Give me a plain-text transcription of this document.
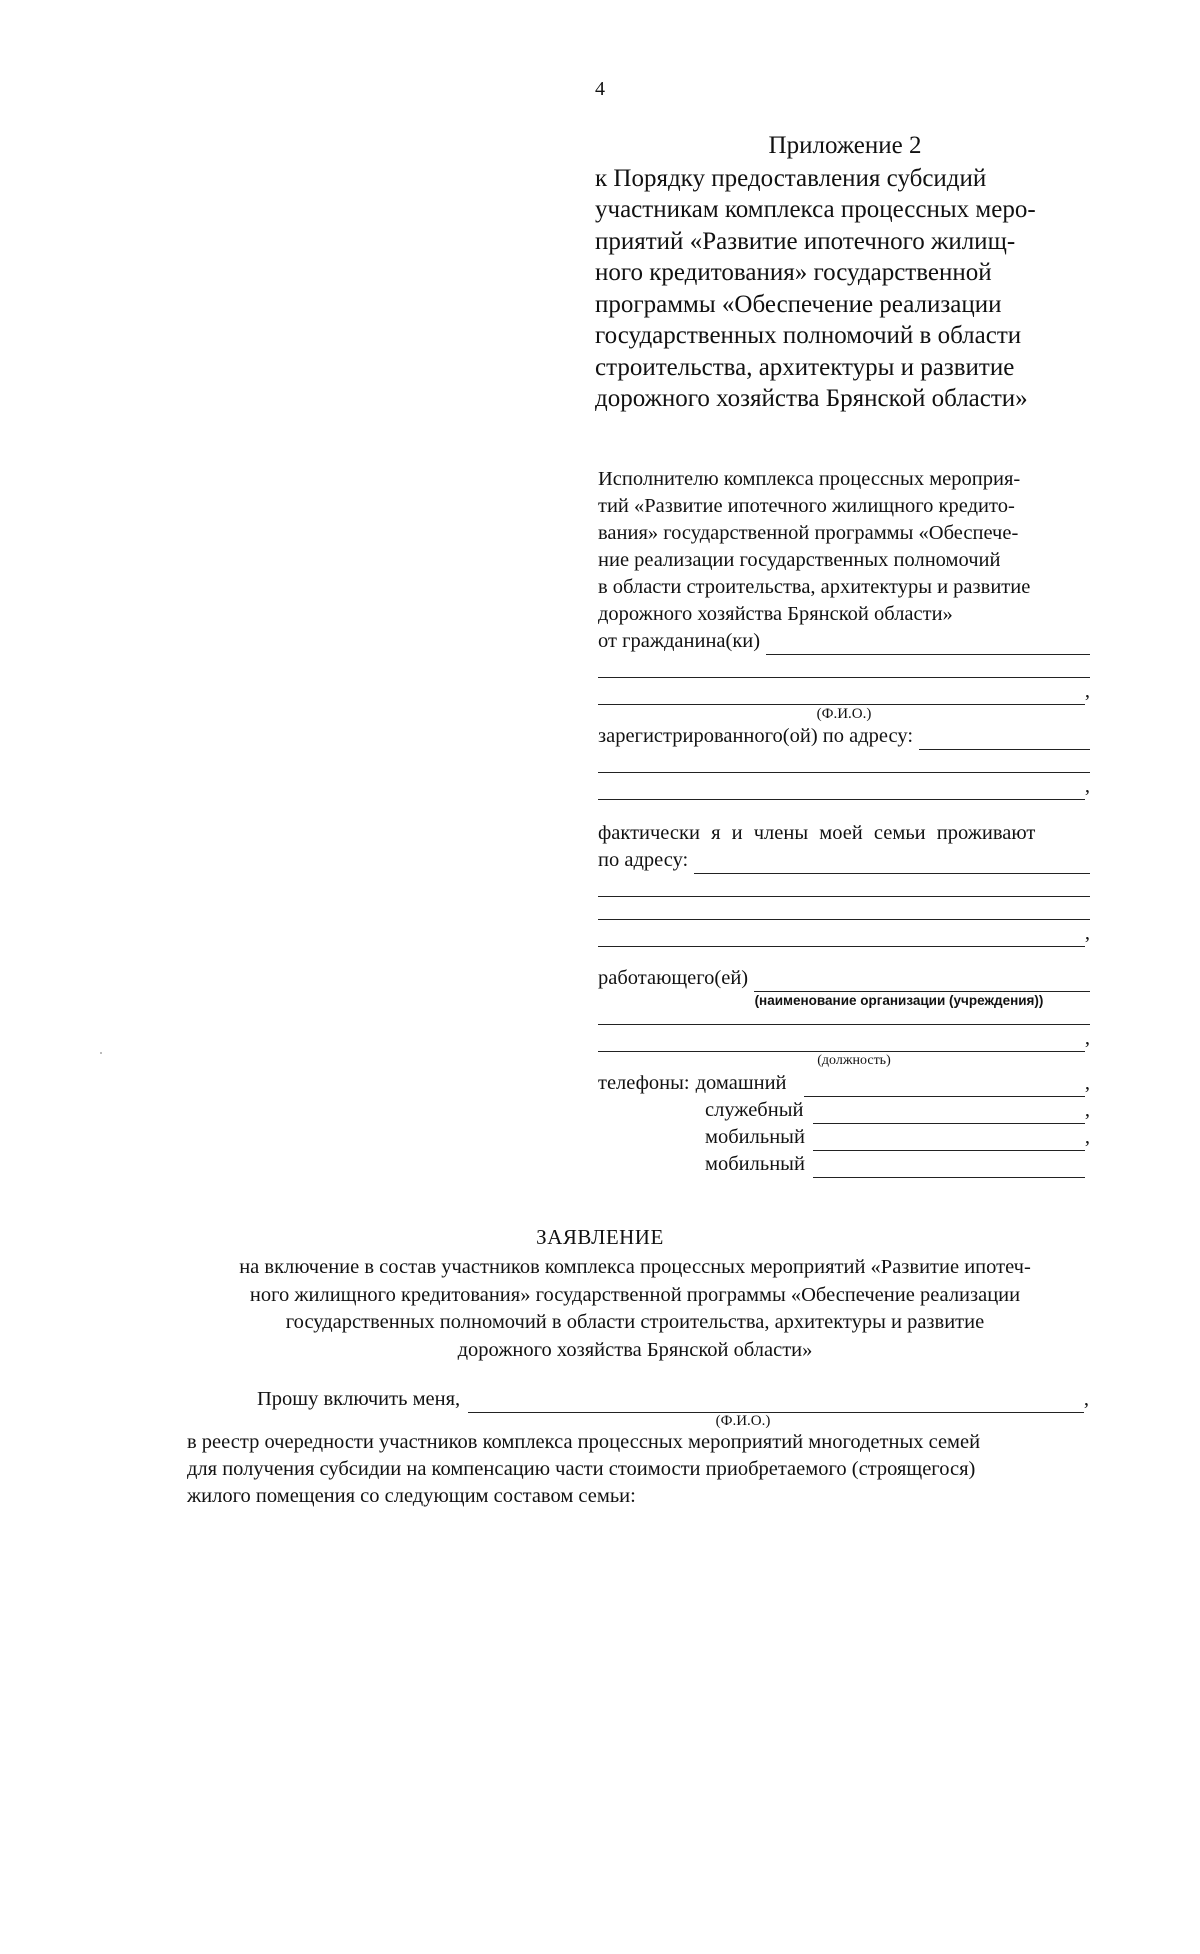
4
Приложение 2
к Порядку предоставления субсидий
участникам комплекса процессных меро-
приятий «Развитие ипотечного жилищ-
ного кредитования» государственной
программы «Обеспечение реализации
государственных полномочий в области
строительства, архитектуры и развитие
дорожного хозяйства Брянской области»
Исполнителю комплекса процессных мероприя-
тий «Развитие ипотечного жилищного кредито-
вания» государственной программы «Обеспече-
ние реализации государственных полномочий
в области строительства, архитектуры и развитие
дорожного хозяйства Брянской области»
от гражданина(ки)
,
(Ф.И.О.)
зарегистрированного(ой) по адресу:
,
фактически я и члены моей семьи проживают
по адресу:
,
работающего(ей)
(наименование организации (учреждения))
,
(должность)
телефоны: домашний	,
служебный	,
мобильный	,
мобильный
ЗАЯВЛЕНИЕ
на включение в состав участников комплекса процессных мероприятий «Развитие ипотеч-
ного жилищного кредитования» государственной программы «Обеспечение реализации
государственных полномочий в области строительства, архитектуры и развитие
дорожного хозяйства Брянской области»
Прошу включить меня,	,
(Ф.И.О.)
в реестр очередности участников комплекса процессных мероприятий многодетных семей
для получения субсидии на компенсацию части стоимости приобретаемого (строящегося)
жилого помещения со следующим составом семьи:
